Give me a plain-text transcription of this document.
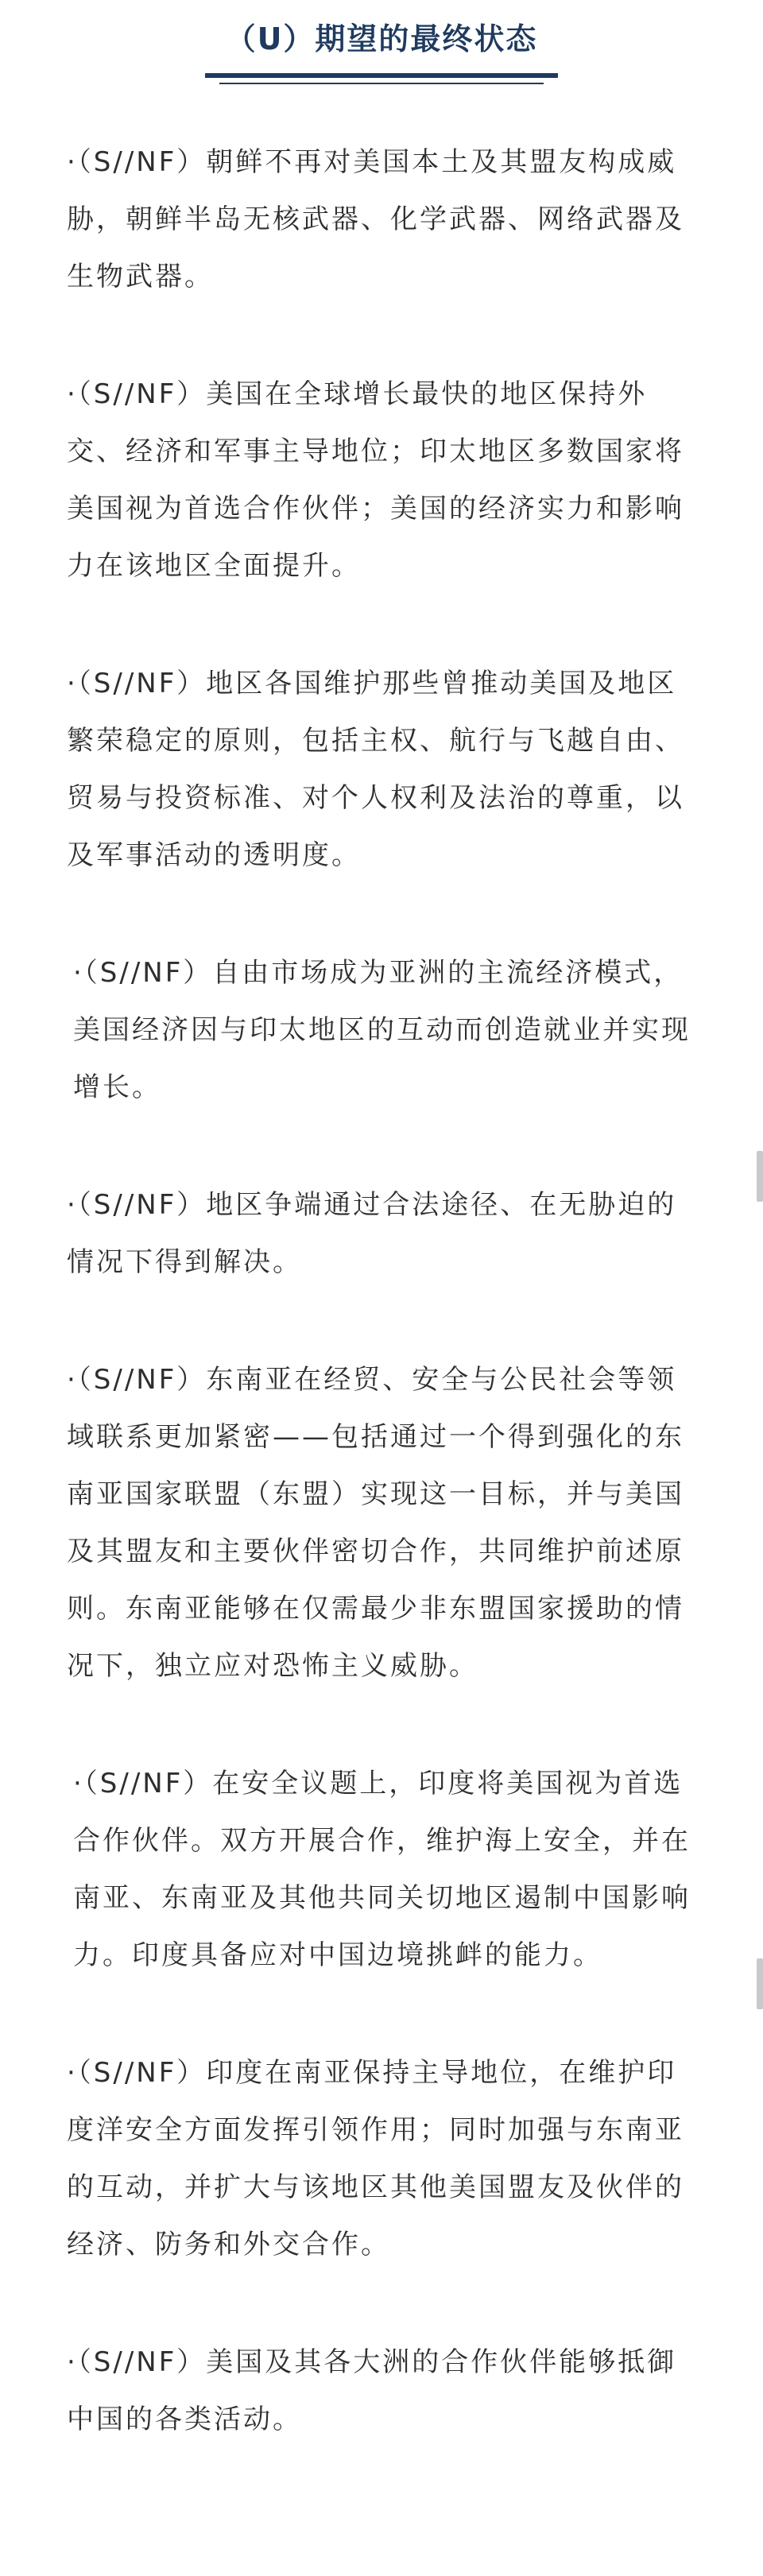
（U）期望的最终状态

·（S//NF）朝鲜不再对美国本土及其盟友构成威胁，朝鲜半岛无核武器、化学武器、网络武器及生物武器。

·（S//NF）美国在全球增长最快的地区保持外交、经济和军事主导地位；印太地区多数国家将美国视为首选合作伙伴；美国的经济实力和影响力在该地区全面提升。

·（S//NF）地区各国维护那些曾推动美国及地区繁荣稳定的原则，包括主权、航行与飞越自由、贸易与投资标准、对个人权利及法治的尊重，以及军事活动的透明度。

·（S//NF）自由市场成为亚洲的主流经济模式，美国经济因与印太地区的互动而创造就业并实现增长。

·（S//NF）地区争端通过合法途径、在无胁迫的情况下得到解决。

·（S//NF）东南亚在经贸、安全与公民社会等领域联系更加紧密——包括通过一个得到强化的东南亚国家联盟（东盟）实现这一目标，并与美国及其盟友和主要伙伴密切合作，共同维护前述原则。东南亚能够在仅需最少非东盟国家援助的情况下，独立应对恐怖主义威胁。

·（S//NF）在安全议题上，印度将美国视为首选合作伙伴。双方开展合作，维护海上安全，并在南亚、东南亚及其他共同关切地区遏制中国影响力。印度具备应对中国边境挑衅的能力。

·（S//NF）印度在南亚保持主导地位，在维护印度洋安全方面发挥引领作用；同时加强与东南亚的互动，并扩大与该地区其他美国盟友及伙伴的经济、防务和外交合作。

·（S//NF）美国及其各大洲的合作伙伴能够抵御中国的各类活动。
